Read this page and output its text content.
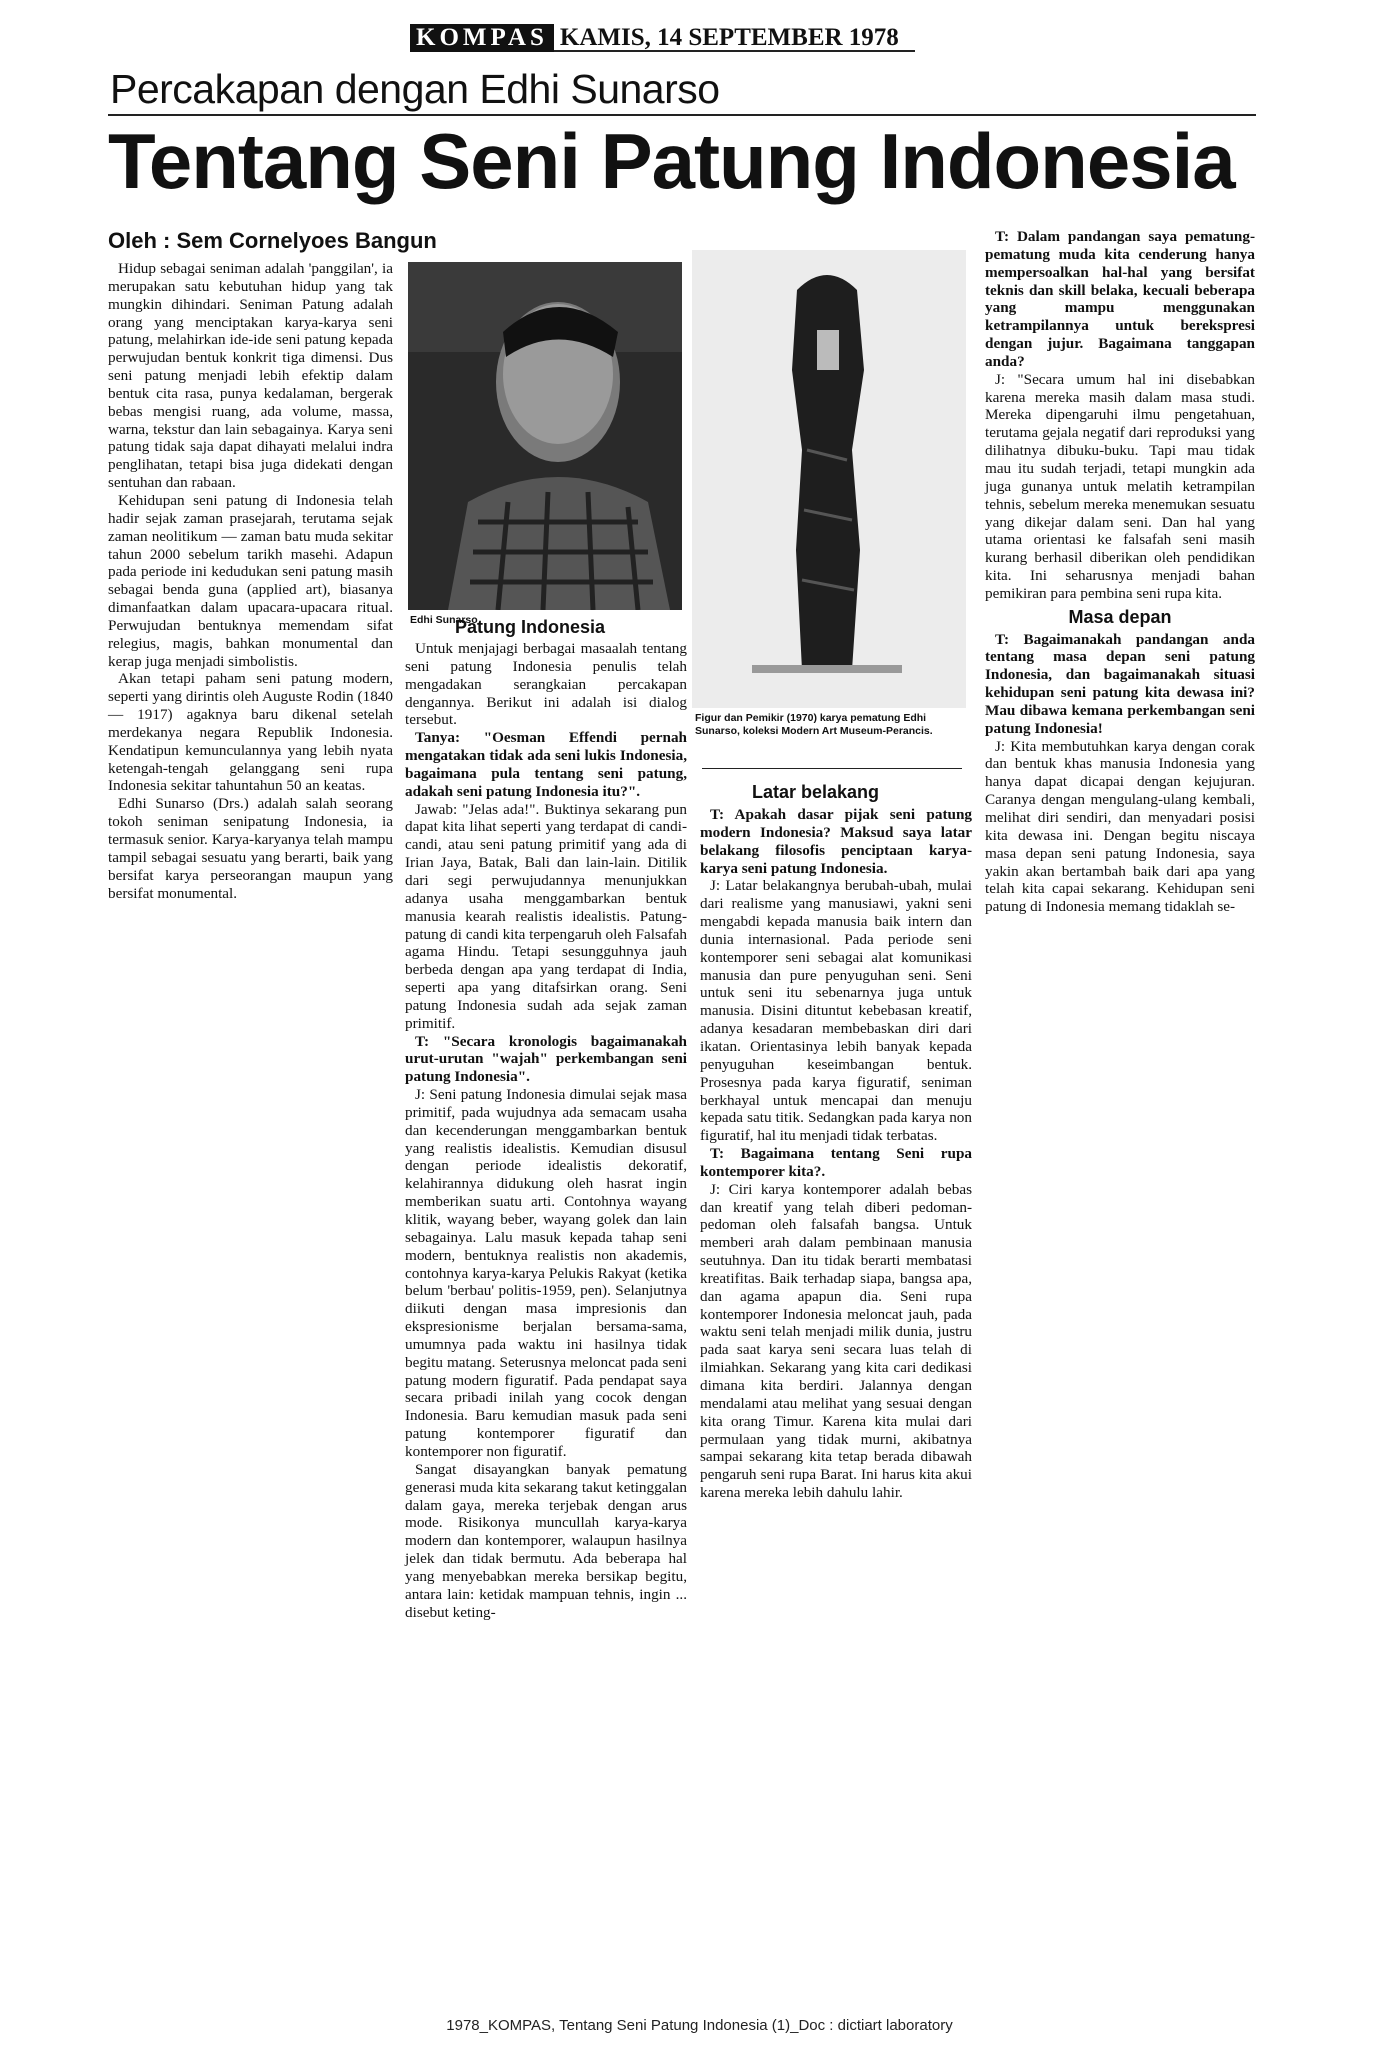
KOMPAS KAMIS, 14 SEPTEMBER 1978
Percakapan dengan Edhi Sunarso
Tentang Seni Patung Indonesia
Oleh : Sem Cornelyoes Bangun

Hidup sebagai seniman adalah 'panggilan', ia merupakan satu kebutuhan hidup yang tak mungkin dihindari. Seniman Patung adalah orang yang menciptakan karya-karya seni patung, melahirkan ide-ide seni patung kepada perwujudan bentuk konkrit tiga dimensi. Dus seni patung menjadi lebih efektip dalam bentuk cita rasa, punya kedalaman, bergerak bebas mengisi ruang, ada volume, massa, warna, tekstur dan lain sebagainya. Karya seni patung tidak saja dapat dihayati melalui indra penglihatan, tetapi bisa juga didekati dengan sentuhan dan rabaan.

Kehidupan seni patung di Indonesia telah hadir sejak zaman prasejarah, terutama sejak zaman neolitikum — zaman batu muda sekitar tahun 2000 sebelum tarikh masehi. Adapun pada periode ini kedudukan seni patung masih sebagai benda guna (applied art), biasanya dimanfaatkan dalam upacara-upacara ritual. Perwujudan bentuknya memendam sifat relegius, magis, bahkan monumental dan kerap juga menjadi simbolistis.

Akan tetapi paham seni patung modern, seperti yang dirintis oleh Auguste Rodin (1840 — 1917) agaknya baru dikenal setelah merdekanya negara Republik Indonesia. Kendatipun kemunculannya yang lebih nyata ketengah-tengah gelanggang seni rupa Indonesia sekitar tahuntahun 50 an keatas.

Edhi Sunarso (Drs.) adalah salah seorang tokoh seniman senipatung Indonesia, ia termasuk senior. Karya-karyanya telah mampu tampil sebagai sesuatu yang berarti, baik yang bersifat karya perseorangan maupun yang bersifat monumental.

Edhi Sunarso
Figur dan Pemikir (1970) karya pematung Edhi Sunarso, koleksi Modern Art Museum-Perancis.
Patung Indonesia

Untuk menjajagi berbagai masaalah tentang seni patung Indonesia penulis telah mengadakan serangkaian percakapan dengannya. Berikut ini adalah isi dialog tersebut.

Tanya: "Oesman Effendi pernah mengatakan tidak ada seni lukis Indonesia, bagaimana pula tentang seni patung, adakah seni patung Indonesia itu?".

Jawab: "Jelas ada!". Buktinya sekarang pun dapat kita lihat seperti yang terdapat di candi-candi, atau seni patung primitif yang ada di Irian Jaya, Batak, Bali dan lain-lain. Ditilik dari segi perwujudannya menunjukkan adanya usaha menggambarkan bentuk manusia kearah realistis idealistis. Patung-patung di candi kita terpengaruh oleh Falsafah agama Hindu. Tetapi sesungguhnya jauh berbeda dengan apa yang terdapat di India, seperti apa yang ditafsirkan orang. Seni patung Indonesia sudah ada sejak zaman primitif.

T: "Secara kronologis bagaimanakah urut-urutan "wajah" perkembangan seni patung Indonesia".

J: Seni patung Indonesia dimulai sejak masa primitif, pada wujudnya ada semacam usaha dan kecenderungan menggambarkan bentuk yang realistis idealistis. Kemudian disusul dengan periode idealistis dekoratif, kelahirannya didukung oleh hasrat ingin memberikan suatu arti. Contohnya wayang klitik, wayang beber, wayang golek dan lain sebagainya. Lalu masuk kepada tahap seni modern, bentuknya realistis non akademis, contohnya karya-karya Pelukis Rakyat (ketika belum 'berbau' politis-1959, pen). Selanjutnya diikuti dengan masa impresionis dan ekspresionisme berjalan bersama-sama, umumnya pada waktu ini hasilnya tidak begitu matang. Seterusnya meloncat pada seni patung modern figuratif. Pada pendapat saya secara pribadi inilah yang cocok dengan Indonesia. Baru kemudian masuk pada seni patung kontemporer figuratif dan kontemporer non figuratif.

Sangat disayangkan banyak pematung generasi muda kita sekarang takut ketinggalan dalam gaya, mereka terjebak dengan arus mode. Risikonya muncullah karya-karya modern dan kontemporer, walaupun hasilnya jelek dan tidak bermutu. Ada beberapa hal yang menyebabkan mereka bersikap begitu, antara lain: ketidak mampuan tehnis, ingin ... disebut keting-

Latar belakang

T: Apakah dasar pijak seni patung modern Indonesia? Maksud saya latar belakang filosofis penciptaan karya-karya seni patung Indonesia.

J: Latar belakangnya berubah-ubah, mulai dari realisme yang manusiawi, yakni seni mengabdi kepada manusia baik intern dan dunia internasional. Pada periode seni kontemporer seni sebagai alat komunikasi manusia dan pure penyuguhan seni. Seni untuk seni itu sebenarnya juga untuk manusia. Disini dituntut kebebasan kreatif, adanya kesadaran membebaskan diri dari ikatan. Orientasinya lebih banyak kepada penyuguhan keseimbangan bentuk. Prosesnya pada karya figuratif, seniman berkhayal untuk mencapai dan menuju kepada satu titik. Sedangkan pada karya non figuratif, hal itu menjadi tidak terbatas.

T: Bagaimana tentang Seni rupa kontemporer kita?.

J: Ciri karya kontemporer adalah bebas dan kreatif yang telah diberi pedoman-pedoman oleh falsafah bangsa. Untuk memberi arah dalam pembinaan manusia seutuhnya. Dan itu tidak berarti membatasi kreatifitas. Baik terhadap siapa, bangsa apa, dan agama apapun dia. Seni rupa kontemporer Indonesia meloncat jauh, pada waktu seni telah menjadi milik dunia, justru pada saat karya seni secara luas telah di ilmiahkan. Sekarang yang kita cari dedikasi dimana kita berdiri. Jalannya dengan mendalami atau melihat yang sesuai dengan kita orang Timur. Karena kita mulai dari permulaan yang tidak murni, akibatnya sampai sekarang kita tetap berada dibawah pengaruh seni rupa Barat. Ini harus kita akui karena mereka lebih dahulu lahir.

T: Dalam pandangan saya pematung-pematung muda kita cenderung hanya mempersoalkan hal-hal yang bersifat teknis dan skill belaka, kecuali beberapa yang mampu menggunakan ketrampilannya untuk berekspresi dengan jujur. Bagaimana tanggapan anda?

J: "Secara umum hal ini disebabkan karena mereka masih dalam masa studi. Mereka dipengaruhi ilmu pengetahuan, terutama gejala negatif dari reproduksi yang dilihatnya dibuku-buku. Tapi mau tidak mau itu sudah terjadi, tetapi mungkin ada juga gunanya untuk melatih ketrampilan tehnis, sebelum mereka menemukan sesuatu yang dikejar dalam seni. Dan hal yang utama orientasi ke falsafah seni masih kurang berhasil diberikan oleh pendidikan kita. Ini seharusnya menjadi bahan pemikiran para pembina seni rupa kita.

Masa depan

T: Bagaimanakah pandangan anda tentang masa depan seni patung Indonesia, dan bagaimanakah situasi kehidupan seni patung kita dewasa ini? Mau dibawa kemana perkembangan seni patung Indonesia!

J: Kita membutuhkan karya dengan corak dan bentuk khas manusia Indonesia yang hanya dapat dicapai dengan kejujuran. Caranya dengan mengulang-ulang kembali, melihat diri sendiri, dan menyadari posisi kita dewasa ini. Dengan begitu niscaya masa depan seni patung Indonesia, saya yakin akan bertambah baik dari apa yang telah kita capai sekarang. Kehidupan seni patung di Indonesia memang tidaklah se-

1978_KOMPAS, Tentang Seni Patung Indonesia (1)_Doc : dictiart laboratory
